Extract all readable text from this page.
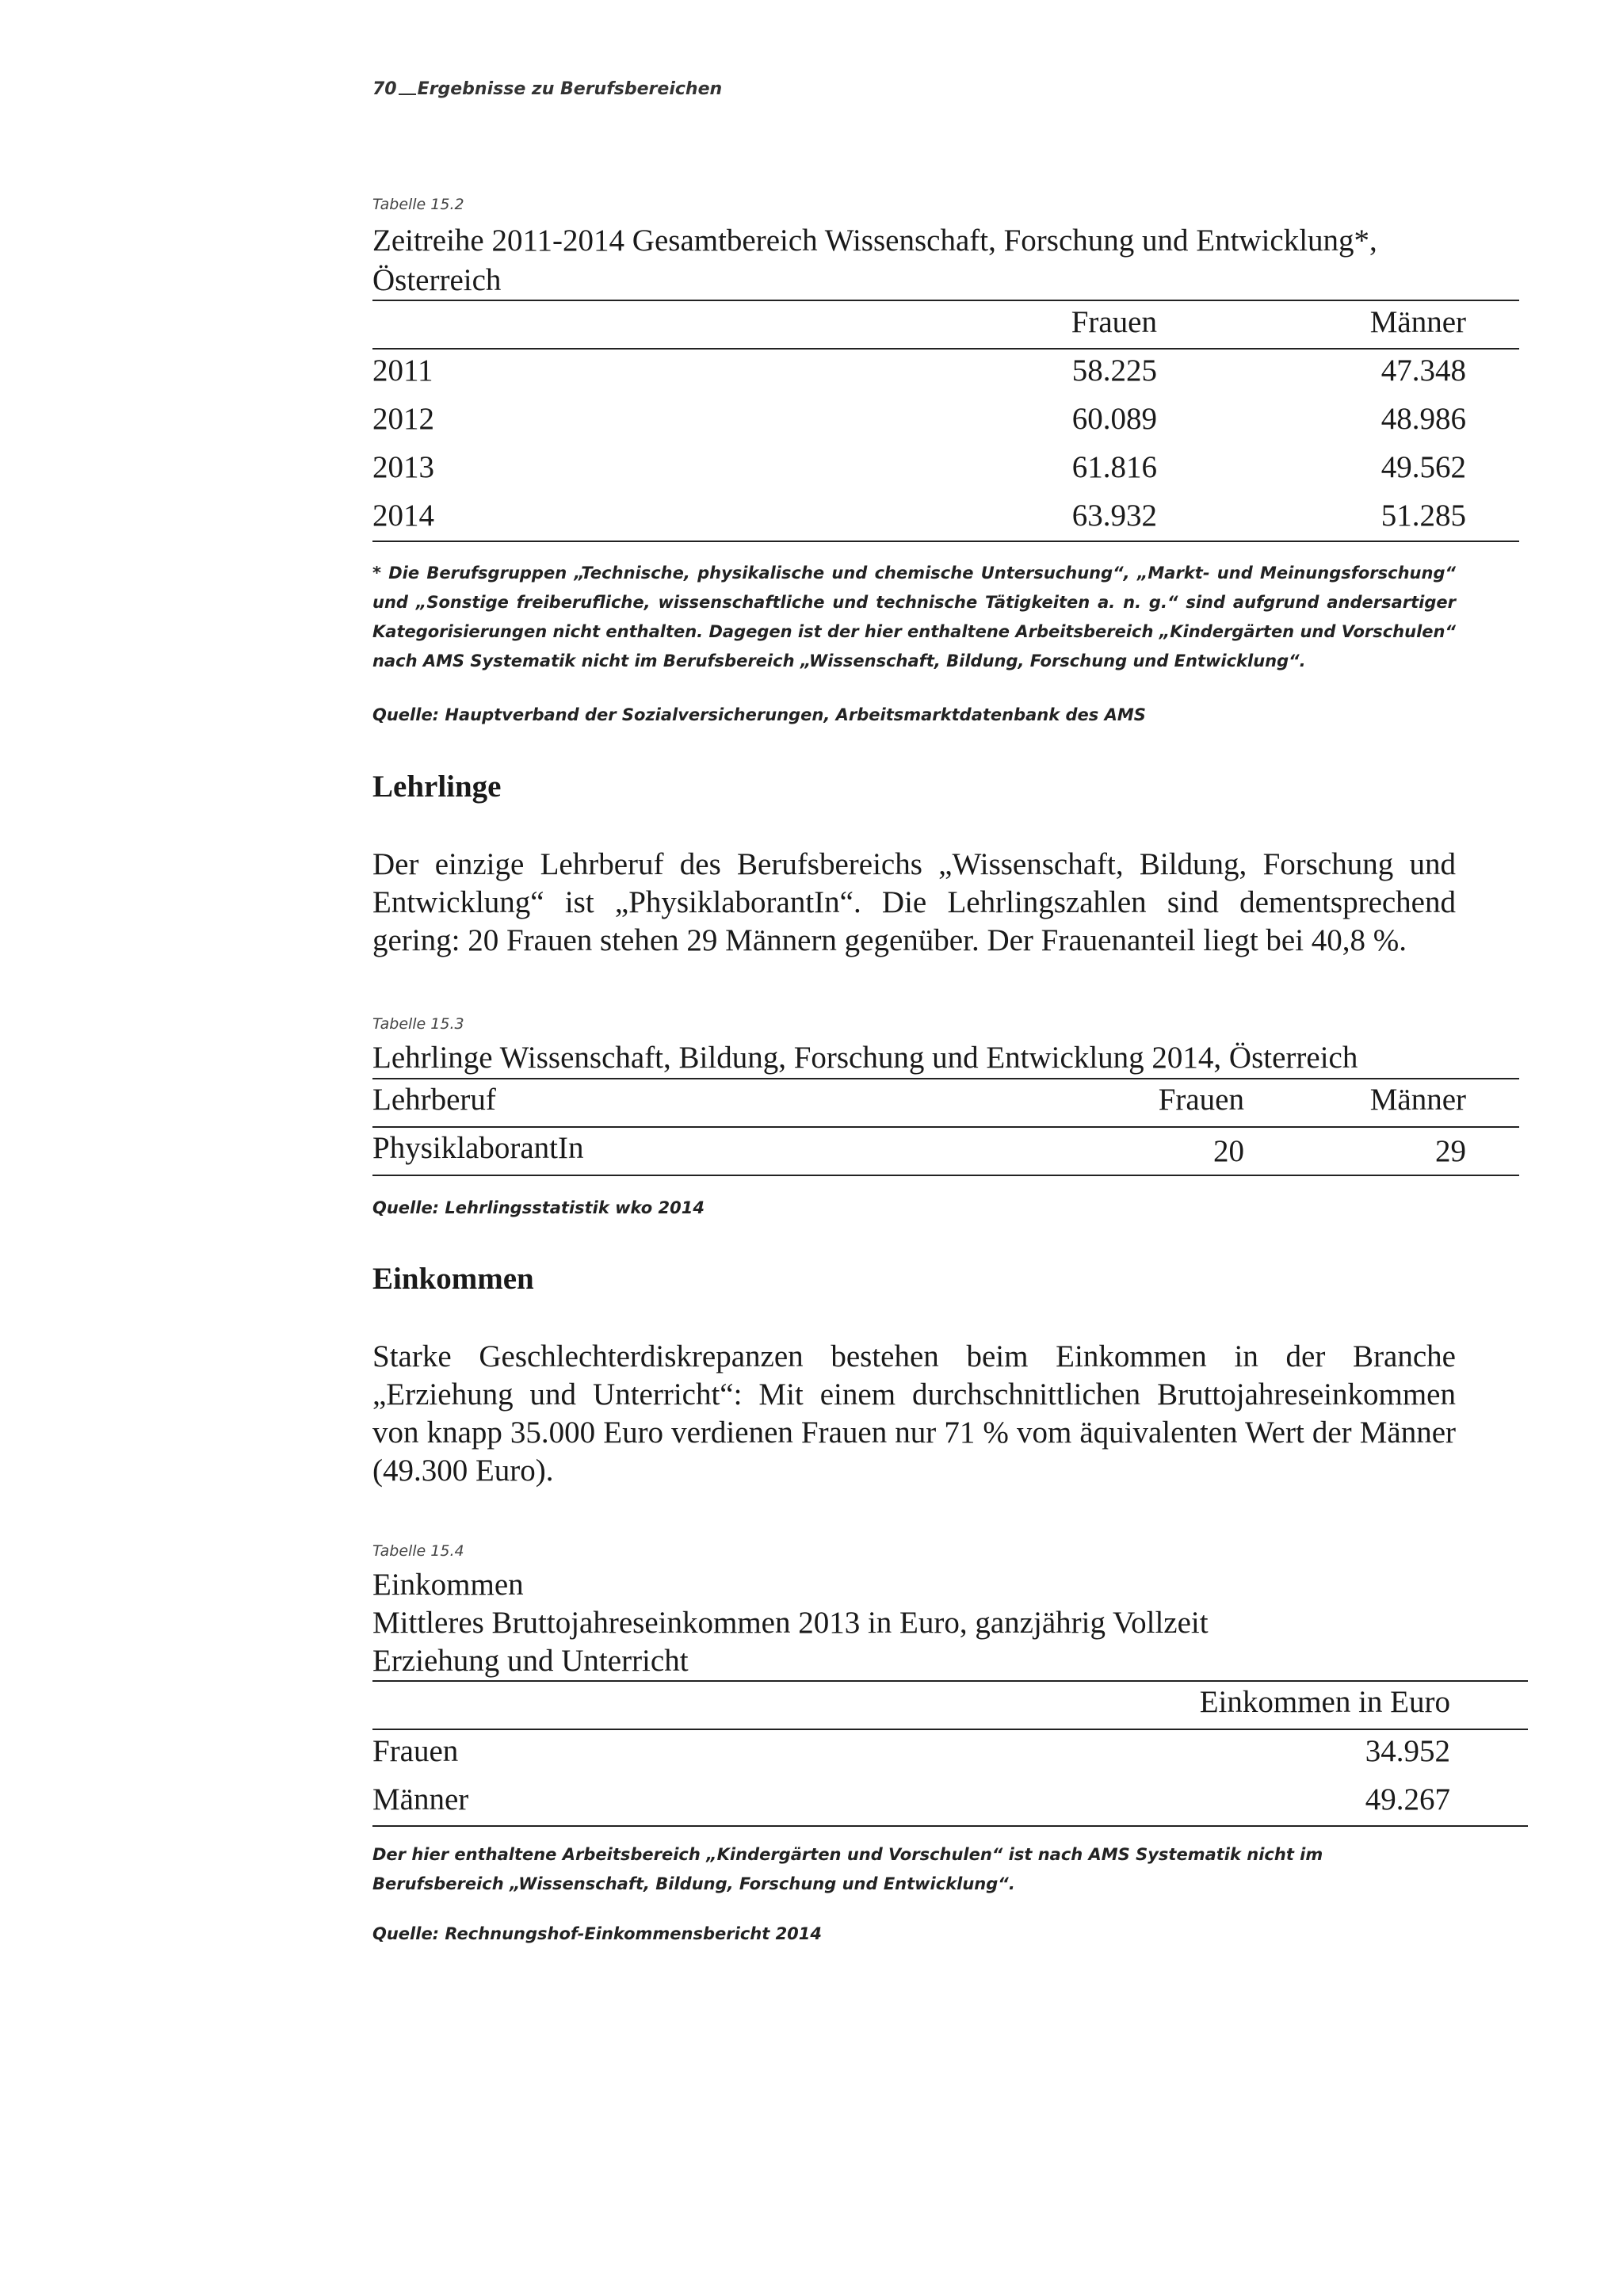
70 Ergebnisse zu Berufsbereichen
Tabelle 15.2
Zeitreihe 2011-2014 Gesamtbereich Wissenschaft, Forschung und Entwicklung*,
Österreich
Frauen	Männer
2011	58.225	47.348
2012	60.089	48.986
2013	61.816	49.562
2014	63.932	51.285
* Die Berufsgruppen „Technische, physikalische und chemische Untersuchung“, „Markt- und Meinungsforschung“ und „Sonstige freiberufliche, wissenschaftliche und technische Tätigkeiten a. n. g.“ sind aufgrund andersartiger Kategorisierungen nicht enthalten. Dagegen ist der hier enthaltene Arbeitsbereich „Kindergärten und Vorschulen“ nach AMS Systematik nicht im Berufsbereich „Wissenschaft, Bildung, Forschung und Entwicklung“.
Quelle: Hauptverband der Sozialversicherungen, Arbeitsmarktdatenbank des AMS
Lehrlinge
Der einzige Lehrberuf des Berufsbereichs „Wissenschaft, Bildung, Forschung und Entwicklung“ ist „PhysiklaborantIn“. Die Lehrlingszahlen sind dementsprechend gering: 20 Frauen stehen 29 Männern gegenüber. Der Frauenanteil liegt bei 40,8 %.
Tabelle 15.3
Lehrlinge Wissenschaft, Bildung, Forschung und Entwicklung 2014, Österreich
Lehrberuf	Frauen	Männer
PhysiklaborantIn	20	29
Quelle: Lehrlingsstatistik wko 2014
Einkommen
Starke Geschlechterdiskrepanzen bestehen beim Einkommen in der Branche „Erziehung und Unterricht“: Mit einem durchschnittlichen Bruttojahreseinkommen von knapp 35.000 Euro verdienen Frauen nur 71 % vom äquivalenten Wert der Männer (49.300 Euro).
Tabelle 15.4
Einkommen
Mittleres Bruttojahreseinkommen 2013 in Euro, ganzjährig Vollzeit
Erziehung und Unterricht
Einkommen in Euro
Frauen	34.952
Männer	49.267
Der hier enthaltene Arbeitsbereich „Kindergärten und Vorschulen“ ist nach AMS Systematik nicht im Berufsbereich „Wissenschaft, Bildung, Forschung und Entwicklung“.
Quelle: Rechnungshof-Einkommensbericht 2014
